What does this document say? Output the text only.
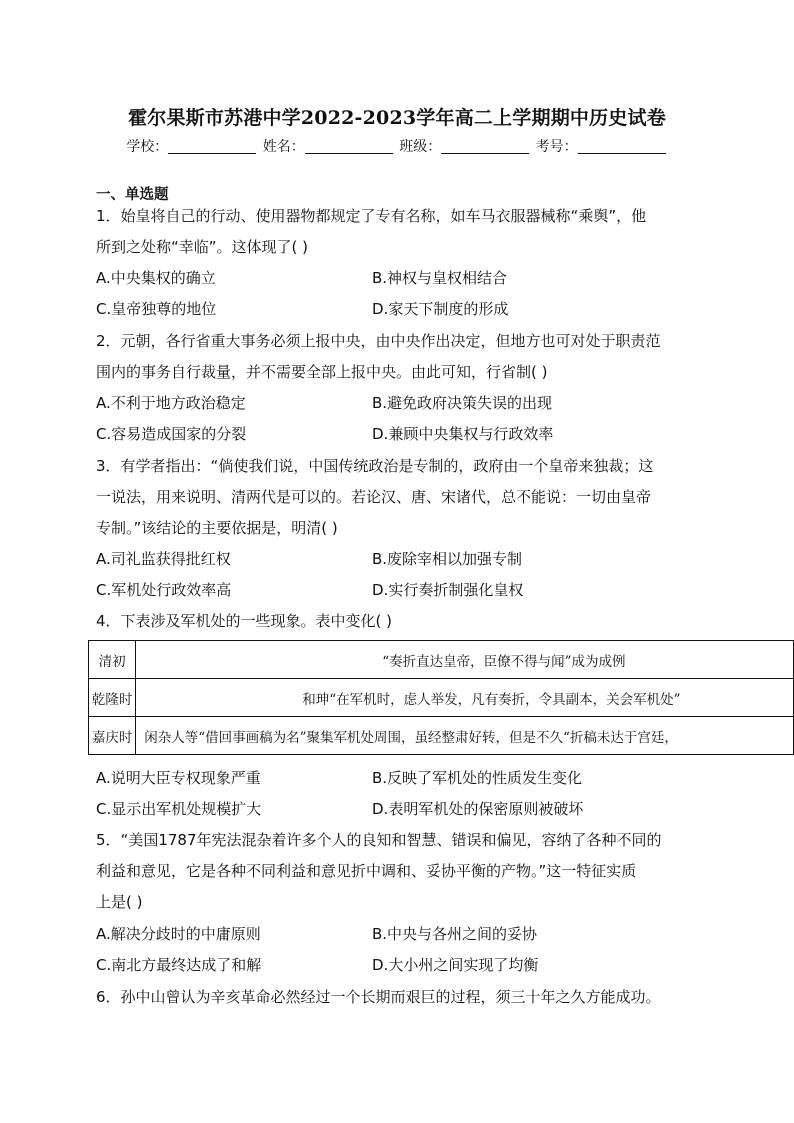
霍尔果斯市苏港中学2022-2023学年高二上学期期中历史试卷
学校：	姓名：	班级：	考号：
一、单选题
1．始皇将自己的行动、使用器物都规定了专有名称，如车马衣服器械称“乘舆”，他
所到之处称“幸临”。这体现了( )
A.中央集权的确立	B.神权与皇权相结合
C.皇帝独尊的地位	D.家天下制度的形成
2．元朝，各行省重大事务必须上报中央，由中央作出决定，但地方也可对处于职责范
围内的事务自行裁量，并不需要全部上报中央。由此可知，行省制( )
A.不利于地方政治稳定	B.避免政府决策失误的出现
C.容易造成国家的分裂	D.兼顾中央集权与行政效率
3．有学者指出：“倘使我们说，中国传统政治是专制的，政府由一个皇帝来独裁；这
一说法，用来说明、清两代是可以的。若论汉、唐、宋诸代，总不能说：一切由皇帝
专制。”该结论的主要依据是，明清( )
A.司礼监获得批红权	B.废除宰相以加强专制
C.军机处行政效率高	D.实行奏折制强化皇权
4．下表涉及军机处的一些现象。表中变化( )
清初	“奏折直达皇帝，臣僚不得与闻”成为成例
乾隆时	和珅“在军机时，虑人举发，凡有奏折，令具副本，关会军机处”
嘉庆时	闲杂人等“借回事画稿为名”聚集军机处周围，虽经整肃好转，但是不久“折稿未达于宫廷，
A.说明大臣专权现象严重	B.反映了军机处的性质发生变化
C.显示出军机处规模扩大	D.表明军机处的保密原则被破坏
5．“美国1787年宪法混杂着许多个人的良知和智慧、错误和偏见，容纳了各种不同的
利益和意见，它是各种不同利益和意见折中调和、妥协平衡的产物。”这一特征实质
上是( )
A.解决分歧时的中庸原则	B.中央与各州之间的妥协
C.南北方最终达成了和解	D.大小州之间实现了均衡
6．孙中山曾认为辛亥革命必然经过一个长期而艰巨的过程，须三十年之久方能成功。
